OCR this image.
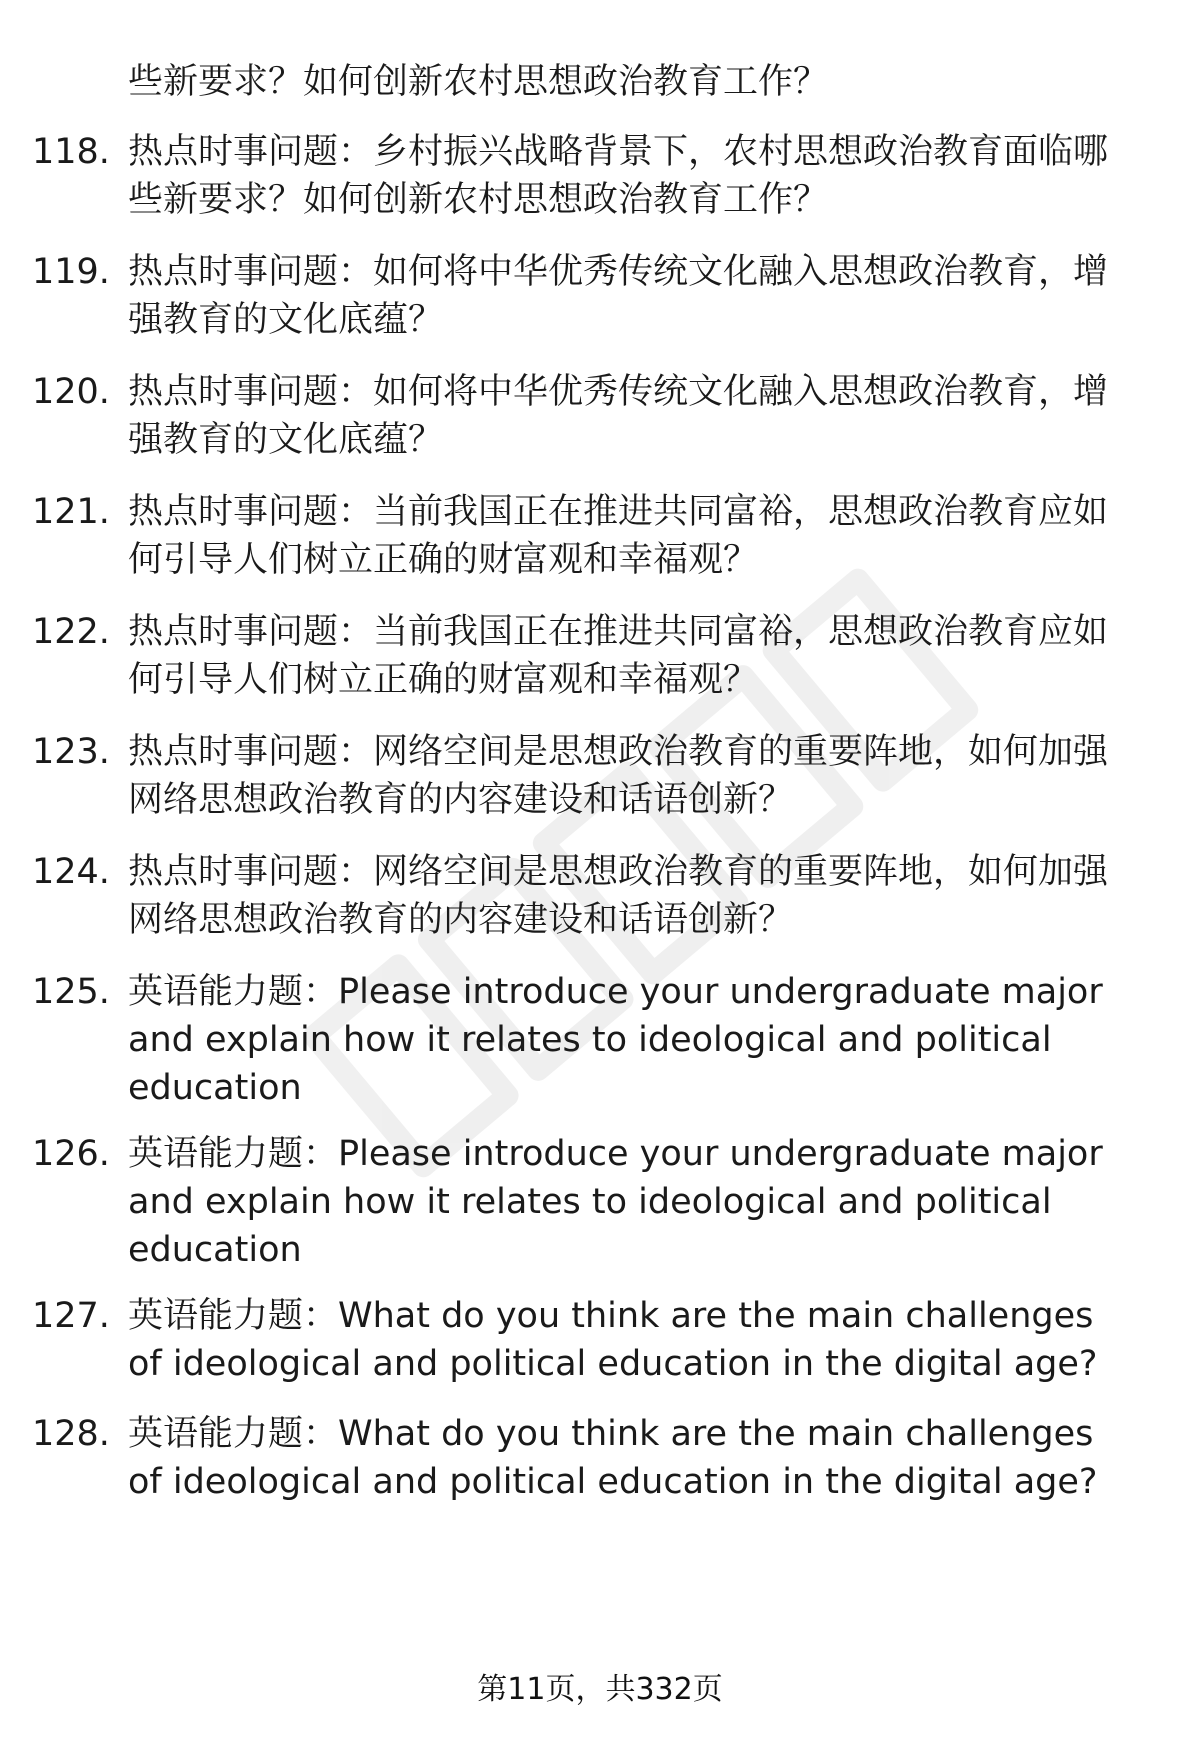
些新要求？如何创新农村思想政治教育工作？

118. 热点时事问题：乡村振兴战略背景下，农村思想政治教育面临哪些新要求？如何创新农村思想政治教育工作？

119. 热点时事问题：如何将中华优秀传统文化融入思想政治教育，增强教育的文化底蕴？

120. 热点时事问题：如何将中华优秀传统文化融入思想政治教育，增强教育的文化底蕴？

121. 热点时事问题：当前我国正在推进共同富裕，思想政治教育应如何引导人们树立正确的财富观和幸福观？

122. 热点时事问题：当前我国正在推进共同富裕，思想政治教育应如何引导人们树立正确的财富观和幸福观？

123. 热点时事问题：网络空间是思想政治教育的重要阵地，如何加强网络思想政治教育的内容建设和话语创新？

124. 热点时事问题：网络空间是思想政治教育的重要阵地，如何加强网络思想政治教育的内容建设和话语创新？

125. 英语能力题：Please introduce your undergraduate major and explain how it relates to ideological and political education

126. 英语能力题：Please introduce your undergraduate major and explain how it relates to ideological and political education

127. 英语能力题：What do you think are the main challenges of ideological and political education in the digital age?

128. 英语能力题：What do you think are the main challenges of ideological and political education in the digital age?

第11页，共332页
